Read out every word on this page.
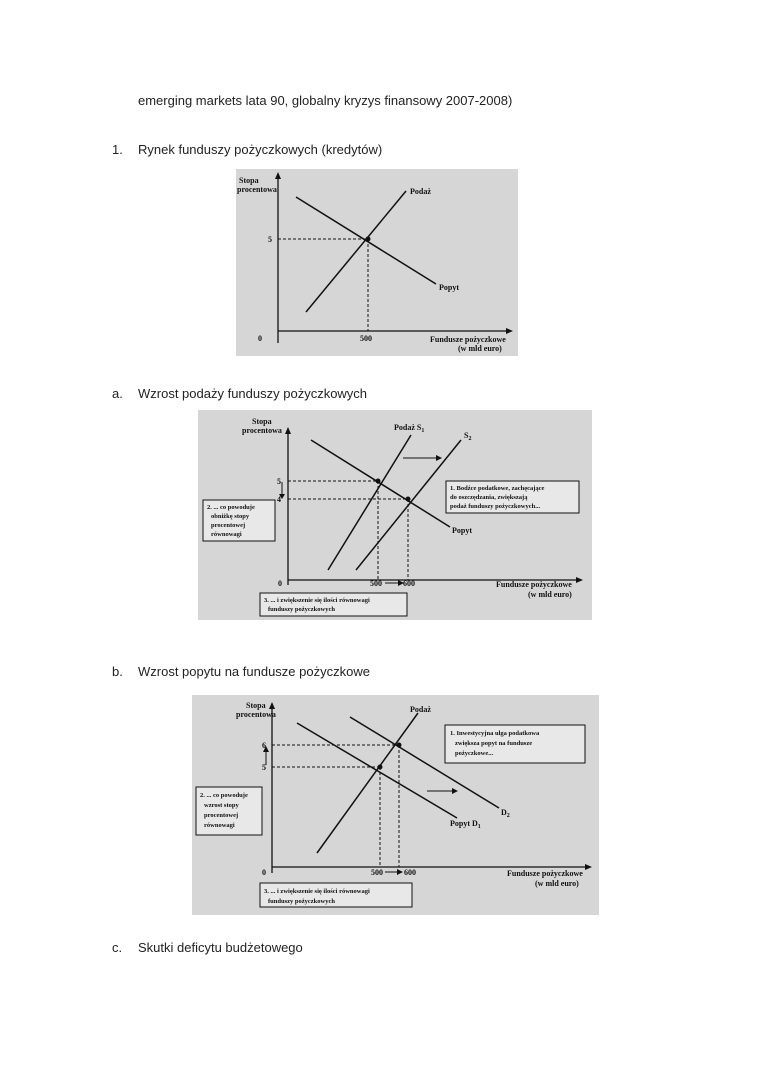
emerging markets lata 90, globalny kryzys finansowy 2007-2008)
1. Rynek funduszy pożyczkowych (kredytów)
Stopa
procentowa	Podaż
Popyt
5
500
0	Fundusze pożyczkowe
(w mld euro)
a. Wzrost podaży funduszy pożyczkowych
Stopa
procentowa	Podaż $S_1$	$S_2$
Popyt
5
4
500	600
0	Fundusze pożyczkowe
(w mld euro)
1. Bodźce podatkowe, zachęcające
do oszczędzania, zwiększają
podaż funduszy pożyczkowych...
2. ... co powoduje
obniżkę stopy
procentowej
równowagi
3. ... i zwiększenie się ilości równowagi
funduszy pożyczkowych
b. Wzrost popytu na fundusze pożyczkowe
Stopa
procentowa
Podaż
Popyt $D_1$
$D_2$
6
5
500	600
0	Fundusze pożyczkowe
(w mld euro)
1. Inwestycyjna ulga podatkowa
zwiększa popyt na fundusze
pożyczkowe...
2. ... co powoduje
wzrost stopy
procentowej
równowagi
3. ... i zwiększenie się ilości równowagi
funduszy pożyczkowych
c. Skutki deficytu budżetowego
